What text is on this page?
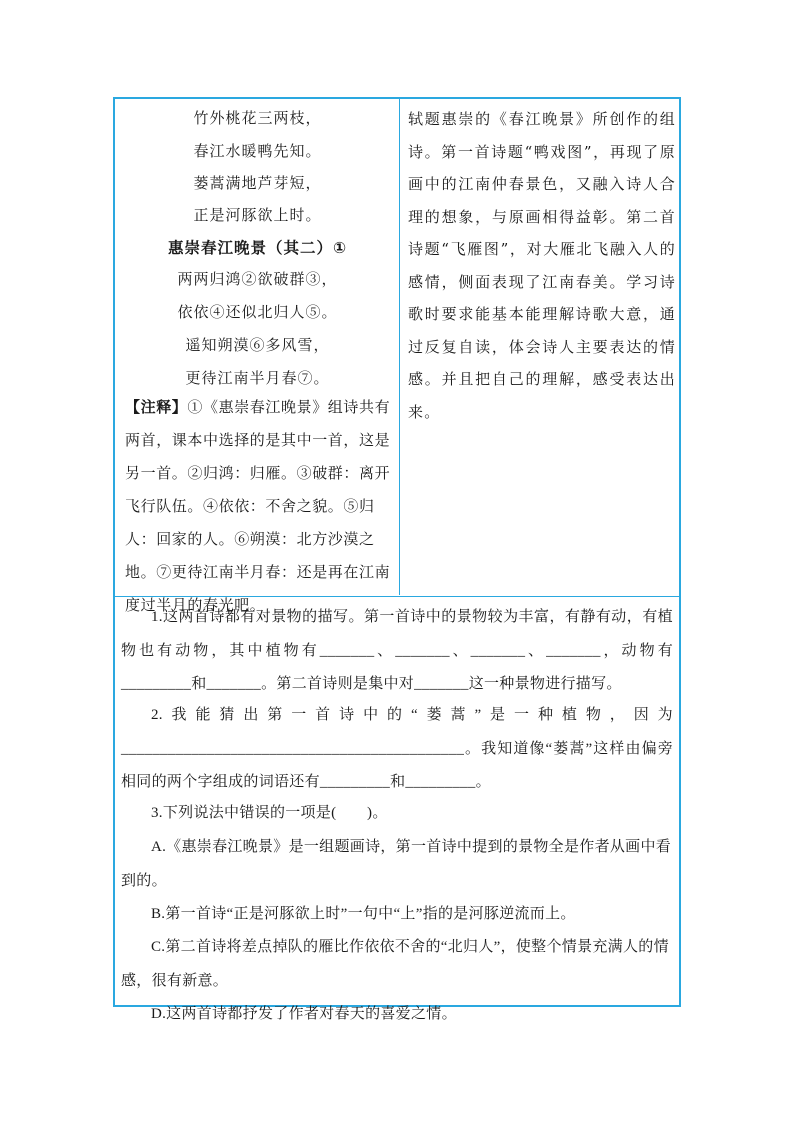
竹外桃花三两枝，
春江水暖鸭先知。
蒌蒿满地芦芽短，
正是河豚欲上时。
惠崇春江晚景（其二）①
两两归鸿②欲破群③，
依依④还似北归人⑤。
遥知朔漠⑥多风雪，
更待江南半月春⑦。
【注释】①《惠崇春江晚景》组诗共有两首，课本中选择的是其中一首，这是另一首。②归鸿：归雁。③破群：离开飞行队伍。④依依：不舍之貌。⑤归人：回家的人。⑥朔漠：北方沙漠之地。⑦更待江南半月春：还是再在江南度过半月的春光吧。
轼题惠崇的《春江晚景》所创作的组诗。第一首诗题“鸭戏图”，再现了原画中的江南仲春景色，又融入诗人合理的想象，与原画相得益彰。第二首诗题“飞雁图”，对大雁北飞融入人的感情，侧面表现了江南春美。学习诗歌时要求能基本能理解诗歌大意，通过反复自读，体会诗人主要表达的情感。并且把自己的理解，感受表达出来。
1.这两首诗都有对景物的描写。第一首诗中的景物较为丰富，有静有动，有植物也有动物，其中植物有_______、_______、_______、_______，动物有_________和_______。第二首诗则是集中对_______这一种景物进行描写。
2.我能猜出第一首诗中的“蒌蒿”是一种植物，因为____________________________________________。我知道像“蒌蒿”这样由偏旁相同的两个字组成的词语还有_________和_________。
3.下列说法中错误的一项是(　　)。
A.《惠崇春江晚景》是一组题画诗，第一首诗中提到的景物全是作者从画中看到的。
B.第一首诗“正是河豚欲上时”一句中“上”指的是河豚逆流而上。
C.第二首诗将差点掉队的雁比作依依不舍的“北归人”，使整个情景充满人的情感，很有新意。
D.这两首诗都抒发了作者对春天的喜爱之情。
